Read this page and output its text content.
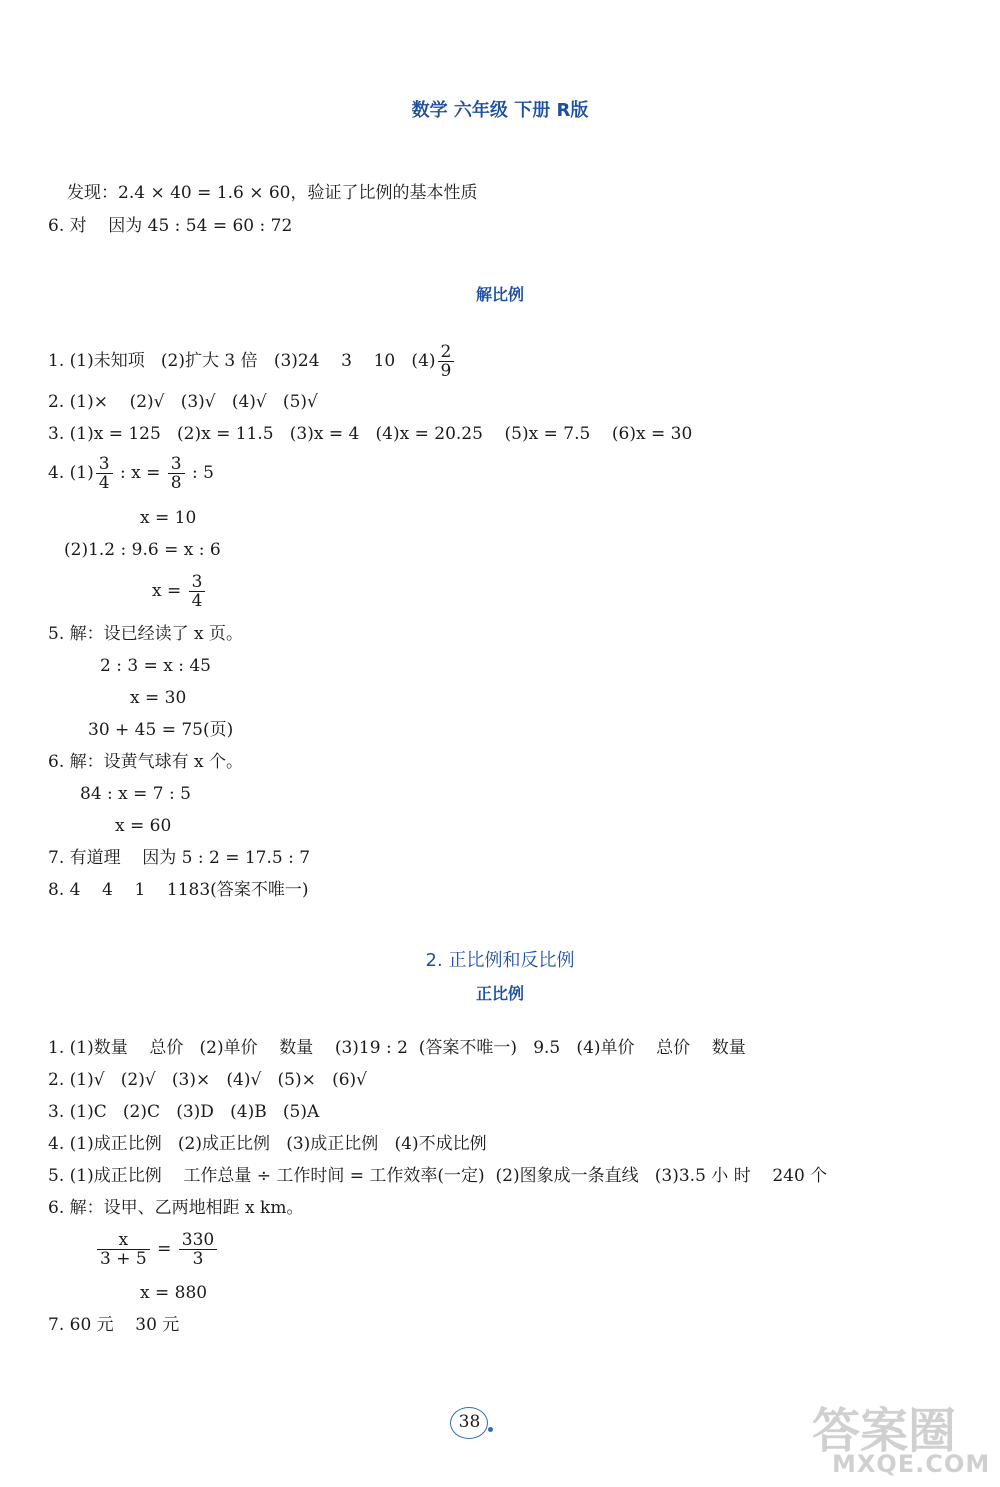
数学 六年级 下册 R版
发现：2.4 × 40 = 1.6 × 60，验证了比例的基本性质
6. 对    因为 45 : 54 = 60 : 72
解比例
1. (1)未知项   (2)扩大 3 倍   (3)24    3    10   $(4) \frac{2}{9}$
2. (1)×    (2)√   (3)√   (4)√   (5)√
3. (1)x = 125   (2)x = 11.5   (3)x = 4   (4)x = 20.25    (5)x = 7.5    (6)x = 30
4. $(1) \frac{3}{4}$ : $x = \frac{3}{8}$ : 5
x = 10
(2)1.2 : 9.6 = x : 6
$x = \frac{3}{4}$
5. 解：设已经读了 x 页。
2 : 3 = x : 45
x = 30
30 + 45 = 75(页)
6. 解：设黄气球有 x 个。
84 : x = 7 : 5
x = 60
7. 有道理    因为 5 : 2 = 17.5 : 7
8. 4    4    1    1183(答案不唯一)
2. 正比例和反比例
正比例
1. (1)数量    总价   (2)单价    数量    (3)19 : 2  (答案不唯一)   9.5   (4)单价    总价    数量
2. (1)√   (2)√   (3)×   (4)√   (5)×   (6)√
3. (1)C   (2)C   (3)D   (4)B   (5)A
4. (1)成正比例   (2)成正比例   (3)成正比例   (4)不成比例
5. (1)成正比例    工作总量 ÷ 工作时间 = 工作效率(一定)  (2)图象成一条直线   (3)3.5 小 时    240 个
6. 解：设甲、乙两地相距 x km。
$\frac{x}{3 + 5} = \frac{330}{3}$
x = 880
7. 60 元    30 元
38	答案圈
MXQE.COM
